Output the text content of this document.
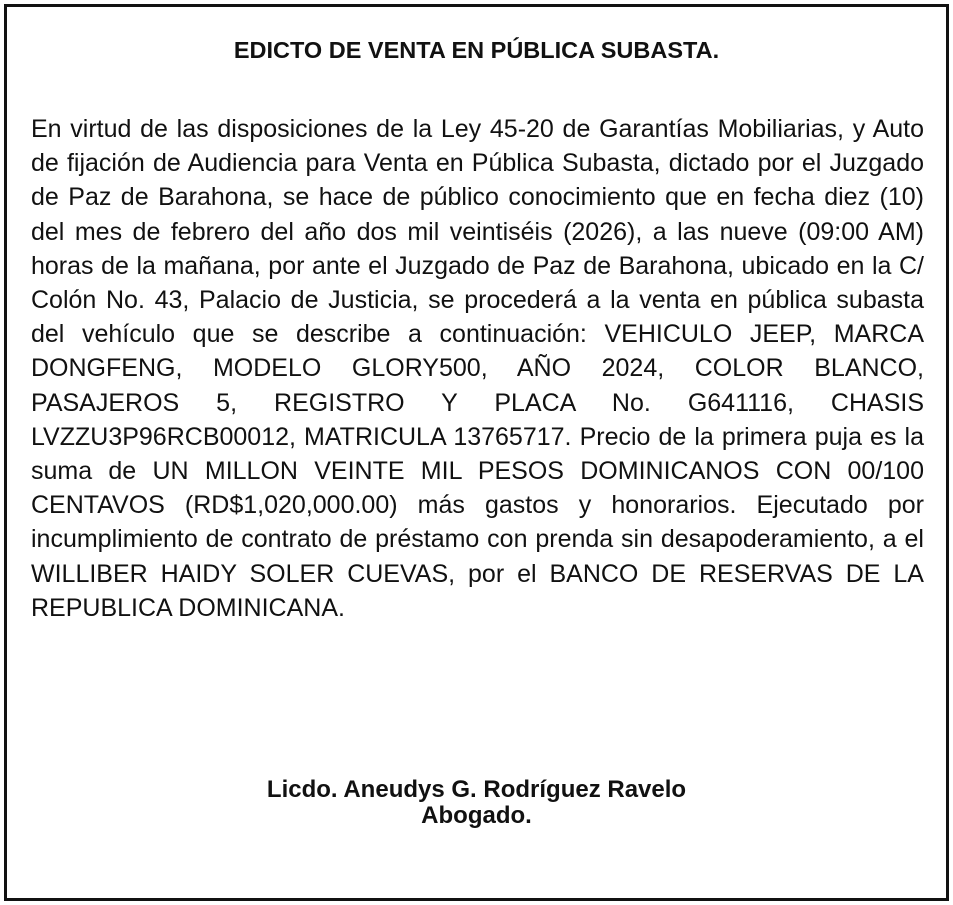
EDICTO DE VENTA EN PÚBLICA SUBASTA.

En virtud de las disposiciones de la Ley 45-20 de Garantías Mobiliarias, y Auto de fijación de Audiencia para Venta en Pública Subasta, dictado por el Juzgado de Paz de Barahona, se hace de público conocimiento que en fecha diez (10) del mes de febrero del año dos mil veintiséis (2026), a las nueve (09:00 AM) horas de la mañana, por ante el Juzgado de Paz de Barahona, ubicado en la C/ Colón No. 43, Palacio de Justicia, se procederá a la venta en pública subasta del vehículo que se describe a continuación: VEHICULO JEEP, MARCA DONGFENG, MODELO GLORY500, AÑO 2024, COLOR BLANCO, PASAJEROS 5, REGISTRO Y PLACA No. G641116, CHASIS LVZZU3P96RCB00012, MATRICULA 13765717. Precio de la primera puja es la suma de UN MILLON VEINTE MIL PESOS DOMINICANOS CON 00/100 CENTAVOS (RD$1,020,000.00) más gastos y honorarios. Ejecutado por incumplimiento de contrato de préstamo con prenda sin desapoderamiento, a el WILLIBER HAIDY SOLER CUEVAS, por el BANCO DE RESERVAS DE LA REPUBLICA DOMINICANA.

Licdo. Aneudys G. Rodríguez Ravelo
Abogado.
